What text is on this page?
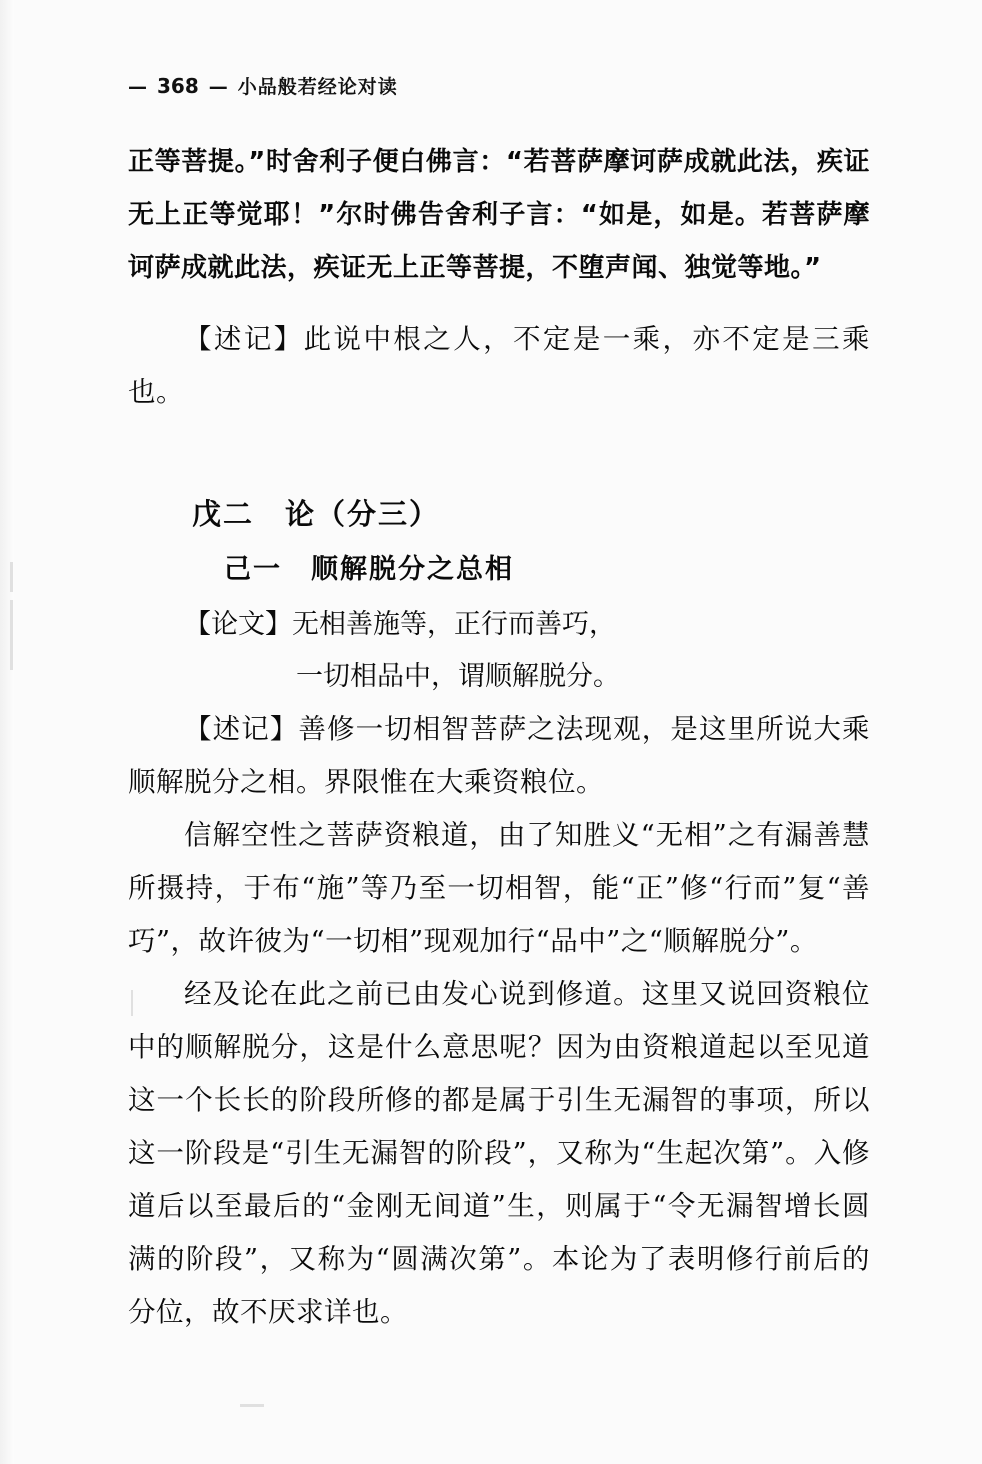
— 368 — 小品般若经论对读

正等菩提。”时舍利子便白佛言：“若菩萨摩诃萨成就此法，疾证无上正等觉耶！”尔时佛告舍利子言：“如是，如是。若菩萨摩诃萨成就此法，疾证无上正等菩提，不堕声闻、独觉等地。”

【述记】此说中根之人，不定是一乘，亦不定是三乘也。

戊二　论（分三）
己一　顺解脱分之总相

【论文】无相善施等，正行而善巧，

一切相品中，谓顺解脱分。

【述记】善修一切相智菩萨之法现观，是这里所说大乘顺解脱分之相。界限惟在大乘资粮位。

信解空性之菩萨资粮道，由了知胜义“无相”之有漏善慧所摄持，于布“施”等乃至一切相智，能“正”修“行而”复“善巧”，故许彼为“一切相”现观加行“品中”之“顺解脱分”。

经及论在此之前已由发心说到修道。这里又说回资粮位中的顺解脱分，这是什么意思呢？因为由资粮道起以至见道这一个长长的阶段所修的都是属于引生无漏智的事项，所以这一阶段是“引生无漏智的阶段”，又称为“生起次第”。入修道后以至最后的“金刚无间道”生，则属于“令无漏智增长圆满的阶段”，又称为“圆满次第”。本论为了表明修行前后的分位，故不厌求详也。
